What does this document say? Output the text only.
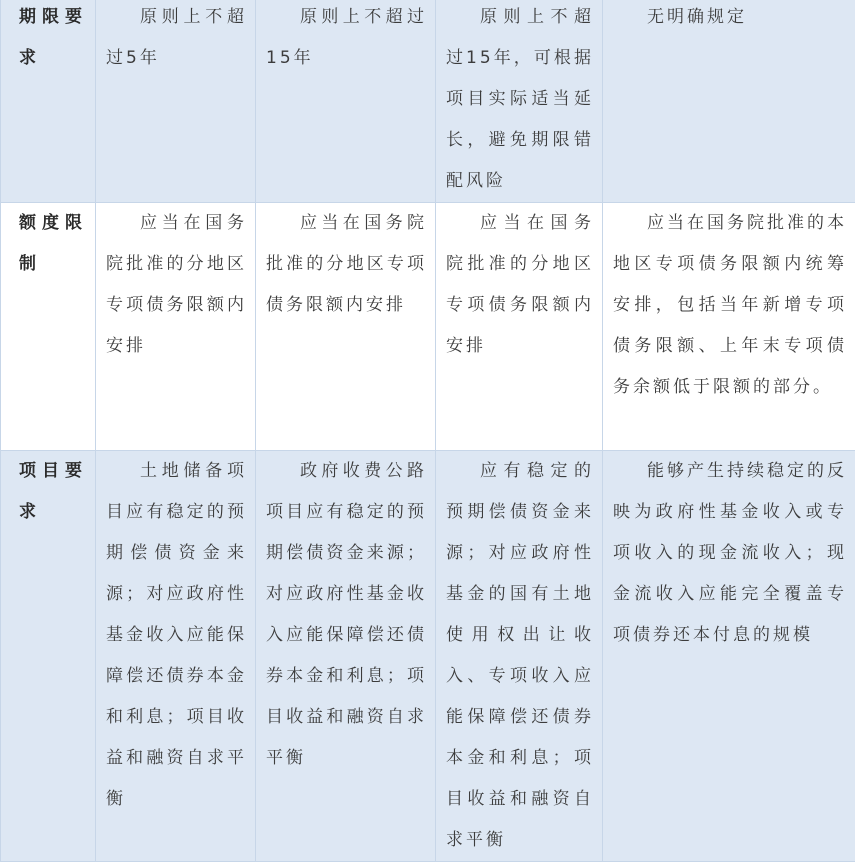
期限要求	原则上不超过5年	原则上不超过15年	原则上不超过15年，可根据项目实际适当延长，避免期限错配风险	无明确规定

额度限制	应当在国务院批准的分地区专项债务限额内安排	应当在国务院批准的分地区专项债务限额内安排	应当在国务院批准的分地区专项债务限额内安排	应当在国务院批准的本地区专项债务限额内统筹安排，包括当年新增专项债务限额、上年末专项债务余额低于限额的部分。

项目要求	土地储备项目应有稳定的预期偿债资金来源；对应政府性基金收入应能保障偿还债券本金和利息；项目收益和融资自求平衡	政府收费公路项目应有稳定的预期偿债资金来源；对应政府性基金收入应能保障偿还债券本金和利息；项目收益和融资自求平衡	应有稳定的预期偿债资金来源；对应政府性基金的国有土地使用权出让收入、专项收入应能保障偿还债券本金和利息；项目收益和融资自求平衡	能够产生持续稳定的反映为政府性基金收入或专项收入的现金流收入；现金流收入应能完全覆盖专项债券还本付息的规模
